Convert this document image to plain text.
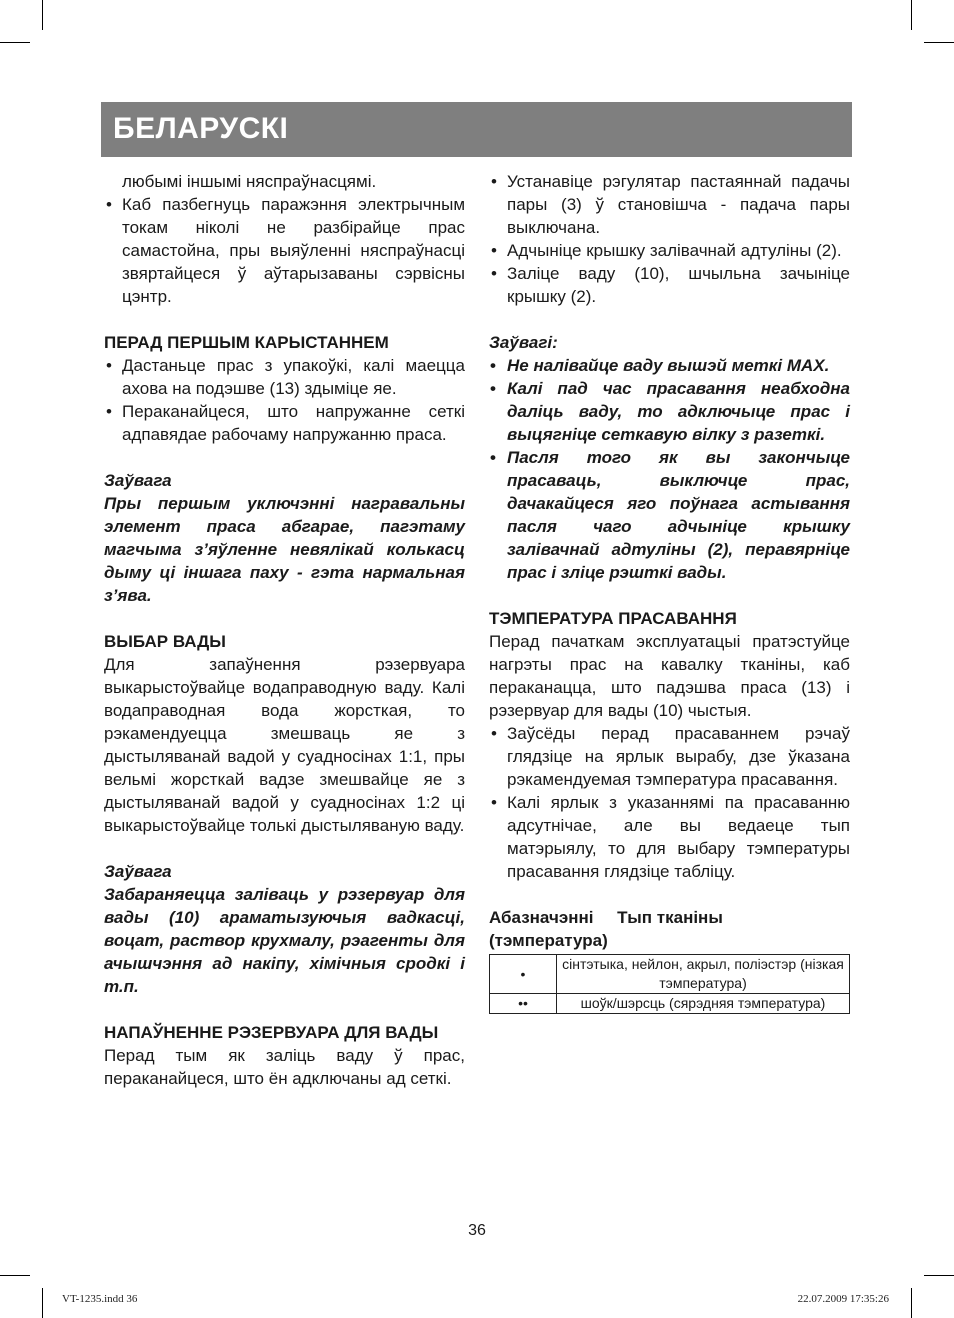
БЕЛАРУСКІ

любымі іншымі няспраўнасцямі.

• Каб пазбегнуць паражэння электрычным токам ніколі не разбірайце прас самастойна, пры выяўленні няспраўнасці звяртайцеся ў аўтарызаваны сэрвісны цэнтр.

ПЕРАД ПЕРШЫМ КАРЫСТАННЕМ

• Дастаньце прас з упакоўкі, калі маецца ахова на подэшве (13) здыміце яе.
• Пераканайцеся, што напружанне сеткі адпавядае рабочаму напружанню праса.
Заўвага
Пры першым уключэнні награвальны элемент праса абгарае, пагэтаму магчыма з’яўленне невялікай колькасц дыму ці іншага паху - гэта нармальная з’ява.

ВЫБАР ВАДЫ

Для запаўнення рэзервуара выкарыстоўвайце водаправодную ваду. Калі водаправодная вода жорсткая, то рэкамендуецца змешваць яе з дыстыляванай вадой у суадносінах 1:1, пры вельмі жорсткай вадзе змешвайце яе з дыстыляванай вадой у суадносінах 1:2 ці выкарыстоўвайце толькі дыстыляваную ваду.

Заўвага
Забараняецца заліваць у рэзервуар для вады (10) араматызуючыя вадкасці, воцат, раствор крухмалу, рэагенты для ачышчэння ад накіпу, хімічныя сродкі і т.п.

НАПАЎНЕННЕ РЭЗЕРВУАРА ДЛЯ ВАДЫ

Перад тым як заліць ваду ў прас, пераканайцеся, што ён адключаны ад сеткі.

• Устанавіце рэгулятар пастаяннай падачы пары (3) ў становішча - падача пары выключана.
• Адчыніце крышку залівачнай адтуліны (2).
• Заліце ваду (10), шчыльна зачыніце крышку (2).
Заўвагі:
• Не налівайце ваду вышэй меткі MAX.
• Калі пад час прасавання неабходна даліць ваду, то адключыце прас і выцягніце сеткавую вілку з разеткі.
• Пасля того як вы закончыце прасаваць, выключце прас, дачакайцеся яго поўнага астывання пасля чаго адчыніце крышку залівачнай адтуліны (2), перавярніце прас і зліце рэшткі вады.

ТЭМПЕРАТУРА ПРАСАВАННЯ

Перад пачаткам эксплуатацыі пратэстуйце нагрэты прас на кавалку тканіны, каб пераканацца, што падэшва праса (13) і рэзервуар для вады (10) чыстыя.

• Заўсёды перад прасаваннем рэчаў глядзіце на ярлык вырабу, дзе ўказана рэкамендуемая тэмпература прасавання.
• Калі ярлык з указаннямі па прасаванню адсутнічае, але вы ведаеце тып матэрыялу, то для выбару тэмпературы прасавання глядзіце табліцу.
Абазначэнні Тып тканіны
(тэмпература)
•	сінтэтыка, нейлон, акрыл, поліэстэр (нізкая тэмпература)
••	шоўк/шэрсць (сярэдняя тэмпература)
36
VT-1235.indd 36	22.07.2009 17:35:26
